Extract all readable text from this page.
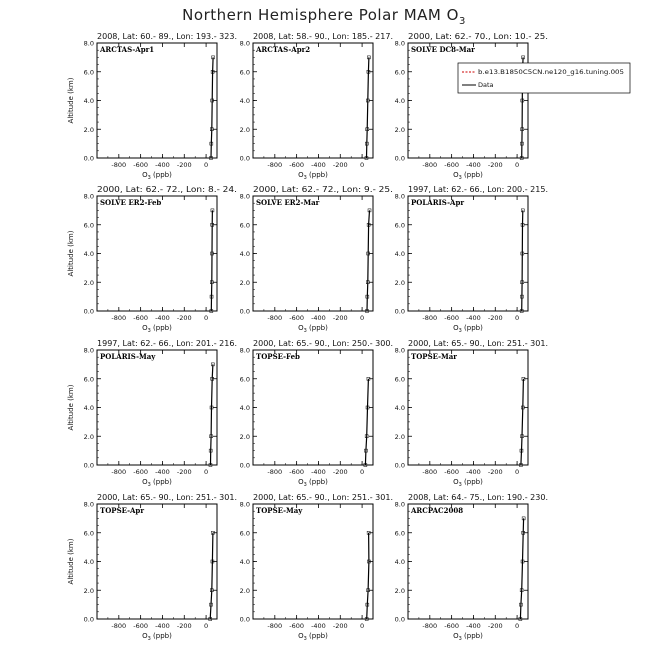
Northern Hemisphere Polar MAM $O_3$
2008, Lat: 60.- 89., Lon: 193.- 323.
0.0
2.0
4.0
6.0
8.0
-800 -600 -400 -200 0
$O_3$ (ppb)
Altitude (km)
ARCTAS-Apr1
2008, Lat: 58.- 90., Lon: 185.- 217.
0.0
2.0
4.0
6.0
8.0
-800 -600 -400 -200 0
$O_3$ (ppb)
ARCTAS-Apr2
2000, Lat: 62.- 70., Lon: 10.- 25.
0.0
2.0
4.0
6.0
8.0
-800 -600 -400 -200 0
$O_3$ (ppb)
SOLVE DC8-Mar
b.e13.B1850C5CN.ne120_g16.tuning.005
Data
2000, Lat: 62.- 72., Lon: 8.- 24.
0.0
2.0
4.0
6.0
8.0
-800 -600 -400 -200 0
$O_3$ (ppb)
Altitude (km)
SOLVE ER2-Feb
2000, Lat: 62.- 72., Lon: 9.- 25.
0.0
2.0
4.0
6.0
8.0
-800 -600 -400 -200 0
$O_3$ (ppb)
SOLVE ER2-Mar
1997, Lat: 62.- 66., Lon: 200.- 215.
0.0
2.0
4.0
6.0
8.0
-800 -600 -400 -200 0
$O_3$ (ppb)
POLARIS-Apr
1997, Lat: 62.- 66., Lon: 201.- 216.
0.0
2.0
4.0
6.0
8.0
-800 -600 -400 -200 0
$O_3$ (ppb)
Altitude (km)
POLARIS-May
2000, Lat: 65.- 90., Lon: 250.- 300.
0.0
2.0
4.0
6.0
8.0
-800 -600 -400 -200 0
$O_3$ (ppb)
TOPSE-Feb
2000, Lat: 65.- 90., Lon: 251.- 301.
0.0
2.0
4.0
6.0
8.0
-800 -600 -400 -200 0
$O_3$ (ppb)
TOPSE-Mar
2000, Lat: 65.- 90., Lon: 251.- 301.
0.0
2.0
4.0
6.0
8.0
-800 -600 -400 -200 0
$O_3$ (ppb)
Altitude (km)
TOPSE-Apr
2000, Lat: 65.- 90., Lon: 251.- 301.
0.0
2.0
4.0
6.0
8.0
-800 -600 -400 -200 0
$O_3$ (ppb)
TOPSE-May
2008, Lat: 64.- 75., Lon: 190.- 230.
0.0
2.0
4.0
6.0
8.0
-800 -600 -400 -200 0
$O_3$ (ppb)
ARCPAC2008
